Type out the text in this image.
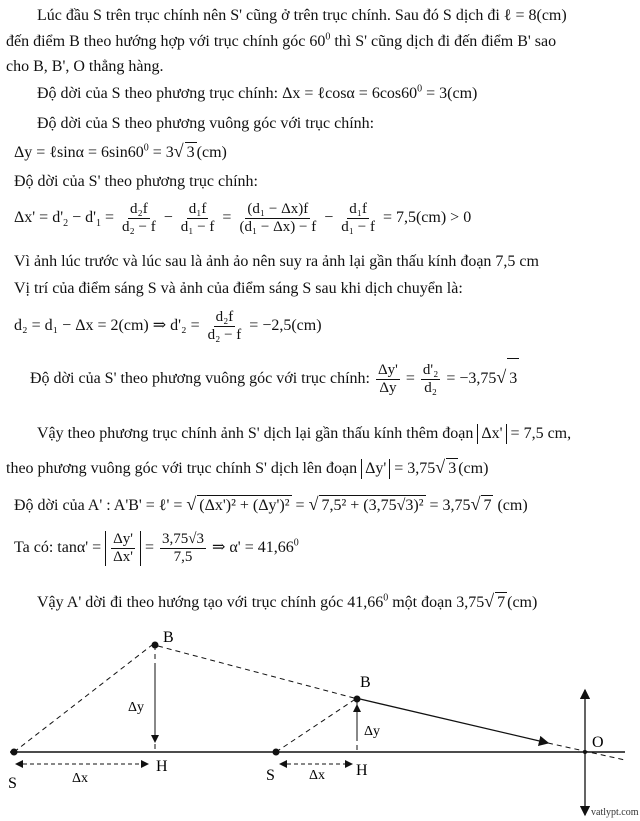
Lúc đầu S trên trục chính nên S' cũng ở trên trục chính. Sau đó S dịch đi ℓ = 8(cm)
đến điểm B theo hướng hợp với trục chính góc $60^0$ thì S' cũng dịch đi đến điểm B' sao
cho B, B', O thẳng hàng.
Độ dời của S theo phương trục chính: Δx = ℓcosα = $6\cos 60^0 = 3(cm)$
Độ dời của S theo phương vuông góc với trục chính:
Δy = ℓsinα = $6\sin 60^0 = 3√$ 3 (cm)
Độ dời của S' theo phương trục chính:
$\Delta x' = d'_2 - d'_1 = \frac{\text{d₂f}}{\text{d₂ − f}} - \frac{\text{d₁f}}{\text{d₁ − f}} = \frac{\text{(d₁ − Δx)f}}{\text{(d₁ − Δx) − f}} - \frac{\text{d₁f}}{\text{d₁ − f}} = 7,5(cm) > 0$
Vì ảnh lúc trước và lúc sau là ảnh ảo nên suy ra ảnh lại gần thấu kính đoạn 7,5 cm
Vị trí của điểm sáng S và ảnh của điểm sáng S sau khi dịch chuyển là:
d₂ = d₁ − Δx = 2(cm) ⇒ $d'_2 = \frac{\text{d₂f}}{\text{d₂ − f}} = -2,5(cm)$
Độ dời của S' theo phương vuông góc với trục chính: $\frac{\Delta y'}{\Delta y} = \frac{\text{d'₂}}{\text{d₂}} = -3,75√$ 3
Vậy theo phương trục chính ảnh S' dịch lại gần thấu kính thêm đoạn Δx' = 7,5 cm,
theo phương vuông góc với trục chính S' dịch lên đoạn Δy' = 3,75√ 3 (cm)
Độ dời của A' : A'B' = ℓ' = √ (Δx')² + (Δy')² = √ 7,5² + (3,75√3)² = 3,75√ 7 (cm)
Ta có: $\tan\alpha' = \frac{\Delta y'}{\Delta x'} = \frac{3,75√3}{7,5}$ ⇒ $\alpha' = 41,66^0$
Vậy A' dời đi theo hướng tạo với trục chính góc 41,66$^0$ một đoạn 3,75√ 7 (cm)
B
B
Δy
Δy
S	S
H	H
Δx	Δx
O
vatlypt.com
